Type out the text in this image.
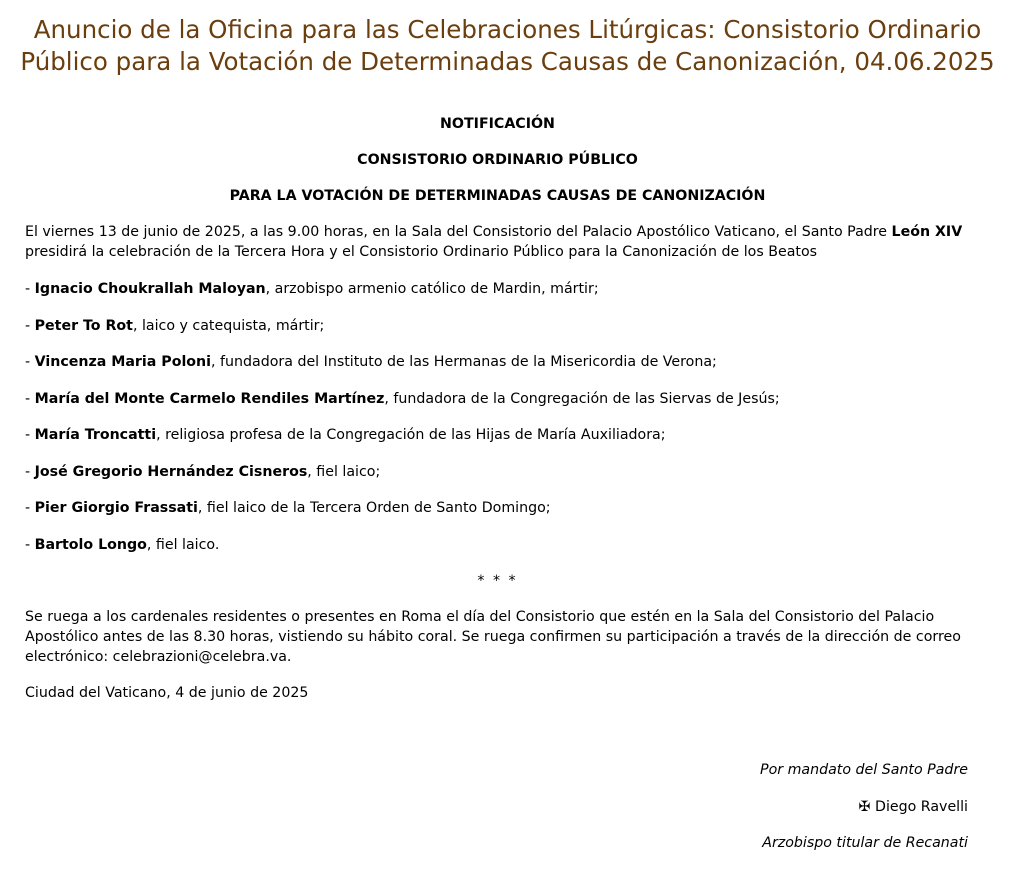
Anuncio de la Oficina para las Celebraciones Litúrgicas: Consistorio Ordinario
Público para la Votación de Determinadas Causas de Canonización, 04.06.2025
NOTIFICACIÓN
CONSISTORIO ORDINARIO PÚBLICO
PARA LA VOTACIÓN DE DETERMINADAS CAUSAS DE CANONIZACIÓN

El viernes 13 de junio de 2025, a las 9.00 horas, en la Sala del Consistorio del Palacio Apostólico Vaticano, el Santo Padre León XIV presidirá la celebración de la Tercera Hora y el Consistorio Ordinario Público para la Canonización de los Beatos

- Ignacio Choukrallah Maloyan, arzobispo armenio católico de Mardin, mártir;

- Peter To Rot, laico y catequista, mártir;

- Vincenza Maria Poloni, fundadora del Instituto de las Hermanas de la Misericordia de Verona;

- María del Monte Carmelo Rendiles Martínez, fundadora de la Congregación de las Siervas de Jesús;

- María Troncatti, religiosa profesa de la Congregación de las Hijas de María Auxiliadora;

- José Gregorio Hernández Cisneros, fiel laico;

- Pier Giorgio Frassati, fiel laico de la Tercera Orden de Santo Domingo;

- Bartolo Longo, fiel laico.

* * *

Se ruega a los cardenales residentes o presentes en Roma el día del Consistorio que estén en la Sala del Consistorio del Palacio Apostólico antes de las 8.30 horas, vistiendo su hábito coral. Se ruega confirmen su participación a través de la dirección de correo electrónico: celebrazioni@celebra.va.

Ciudad del Vaticano, 4 de junio de 2025

Por mandato del Santo Padre

✠ Diego Ravelli

Arzobispo titular de Recanati
